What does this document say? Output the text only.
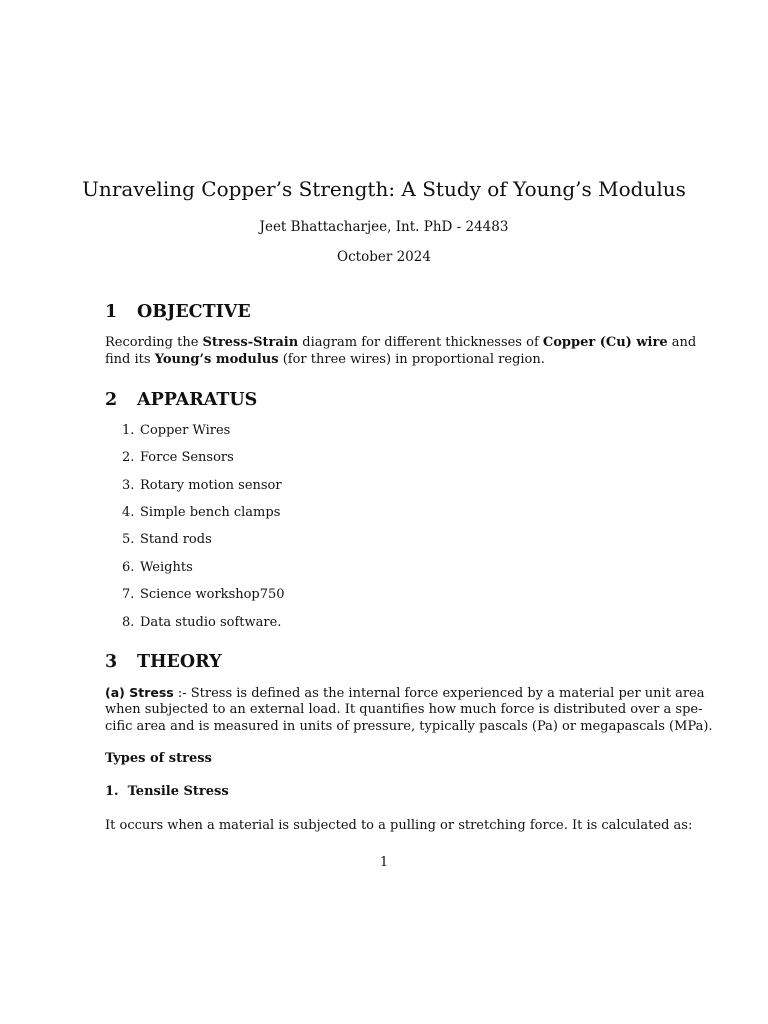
Unraveling Copper’s Strength: A Study of Young’s Modulus
Jeet Bhattacharjee, Int. PhD - 24483
October 2024
1 OBJECTIVE

Recording the Stress-Strain diagram for different thicknesses of Copper (Cu) wire and

find its Young’s modulus (for three wires) in proportional region.

2 APPARATUS
1. Copper Wires
2. Force Sensors
3. Rotary motion sensor
4. Simple bench clamps
5. Stand rods
6. Weights
7. Science workshop750
8. Data studio software.
3 THEORY

(a) Stress :- Stress is defined as the internal force experienced by a material per unit area

when subjected to an external load. It quantifies how much force is distributed over a spe-

cific area and is measured in units of pressure, typically pascals (Pa) or megapascals (MPa).

Types of stress
1.  Tensile Stress

It occurs when a material is subjected to a pulling or stretching force. It is calculated as:

1
